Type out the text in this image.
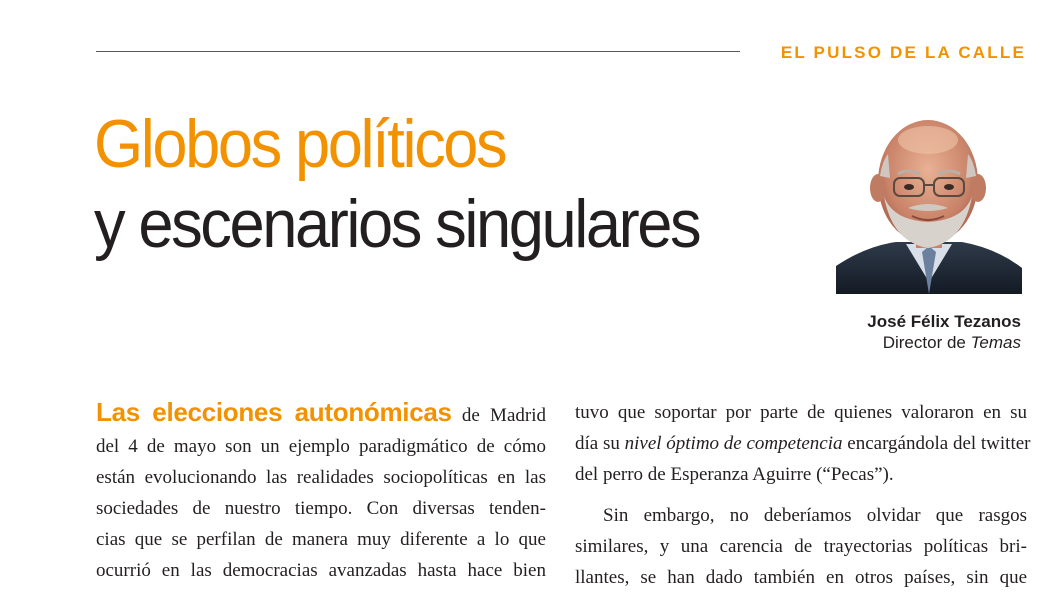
EL PULSO DE LA CALLE
Globos políticos
y escenarios singulares
José Félix Tezanos
Director de Temas
Las elecciones autonómicas de Madrid
del 4 de mayo son un ejemplo paradigmático de cómo
están evolucionando las realidades sociopolíticas en las
sociedades de nuestro tiempo. Con diversas tenden-
cias que se perfilan de manera muy diferente a lo que
ocurrió en las democracias avanzadas hasta hace bien
tuvo que soportar por parte de quienes valoraron en su
día su nivel óptimo de competencia encargándola del twitter
del perro de Esperanza Aguirre (“Pecas”).
Sin embargo, no deberíamos olvidar que rasgos
similares, y una carencia de trayectorias políticas bri-
llantes, se han dado también en otros países, sin que
